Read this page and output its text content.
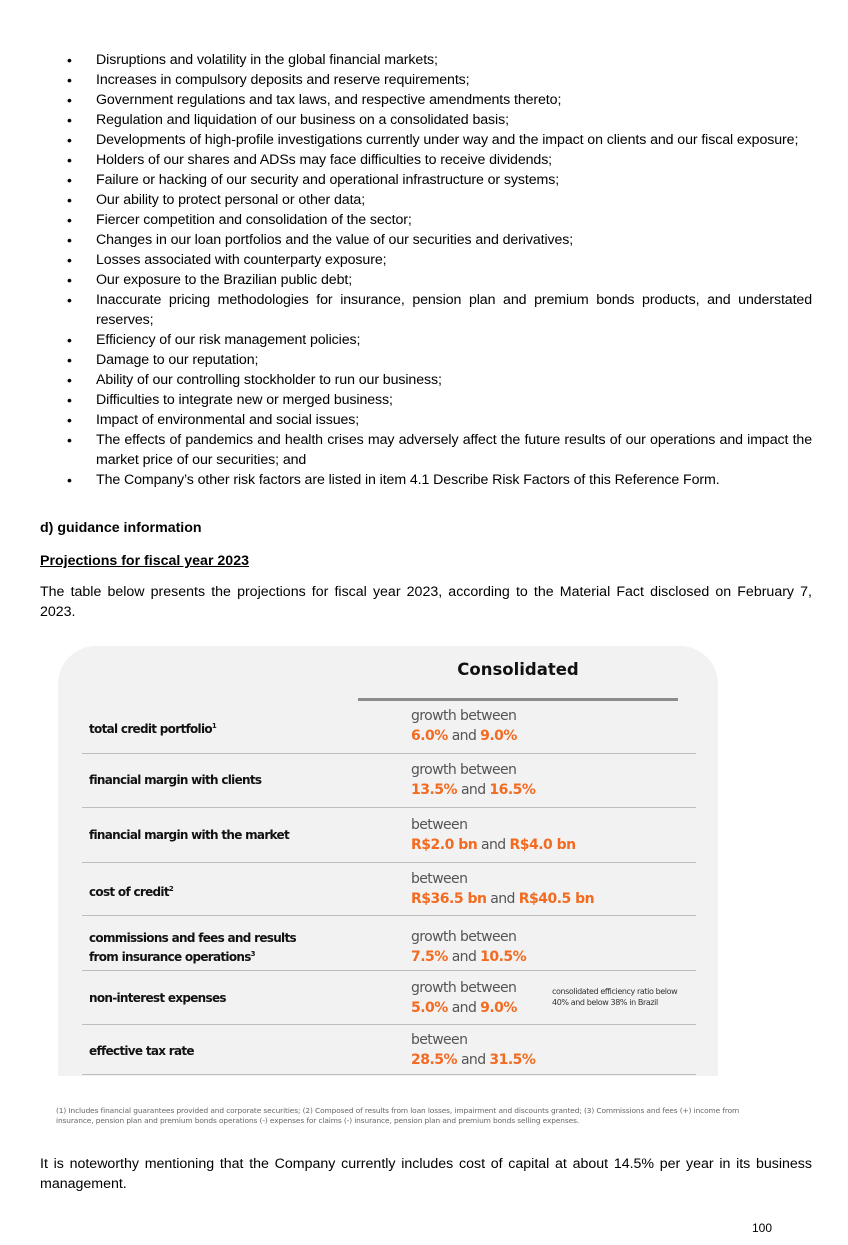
• Disruptions and volatility in the global financial markets;
• Increases in compulsory deposits and reserve requirements;
• Government regulations and tax laws, and respective amendments thereto;
• Regulation and liquidation of our business on a consolidated basis;
• Developments of high-profile investigations currently under way and the impact on clients and our fiscal exposure;
• Holders of our shares and ADSs may face difficulties to receive dividends;
• Failure or hacking of our security and operational infrastructure or systems;
• Our ability to protect personal or other data;
• Fiercer competition and consolidation of the sector;
• Changes in our loan portfolios and the value of our securities and derivatives;
• Losses associated with counterparty exposure;
• Our exposure to the Brazilian public debt;
• Inaccurate pricing methodologies for insurance, pension plan and premium bonds products, and understated reserves;
• Efficiency of our risk management policies;
• Damage to our reputation;
• Ability of our controlling stockholder to run our business;
• Difficulties to integrate new or merged business;
• Impact of environmental and social issues;
• The effects of pandemics and health crises may adversely affect the future results of our operations and impact the market price of our securities; and
• The Company’s other risk factors are listed in item 4.1 Describe Risk Factors of this Reference Form.
d) guidance information
Projections for fiscal year 2023
The table below presents the projections for fiscal year 2023, according to the Material Fact disclosed on February 7, 2023.
Consolidated
total credit portfolio$^1$
growth between
6.0% and 9.0%
financial margin with clients
growth between
13.5% and 16.5%
financial margin with the market
between
R$2.0 bn and R$4.0 bn
cost of credit$^2$
between
R$36.5 bn and R$40.5 bn
commissions and fees and results
from insurance operations$^3$
growth between
7.5% and 10.5%
non-interest expenses
growth between
5.0% and 9.0%
consolidated efficiency ratio below
40% and below 38% in Brazil
effective tax rate
between
28.5% and 31.5%
(1) Includes financial guarantees provided and corporate securities; (2) Composed of results from loan losses, impairment and discounts granted; (3) Commissions and fees (+) income from insurance, pension plan and premium bonds operations (-) expenses for claims (-) insurance, pension plan and premium bonds selling expenses.
It is noteworthy mentioning that the Company currently includes cost of capital at about 14.5% per year in its business management.
100
